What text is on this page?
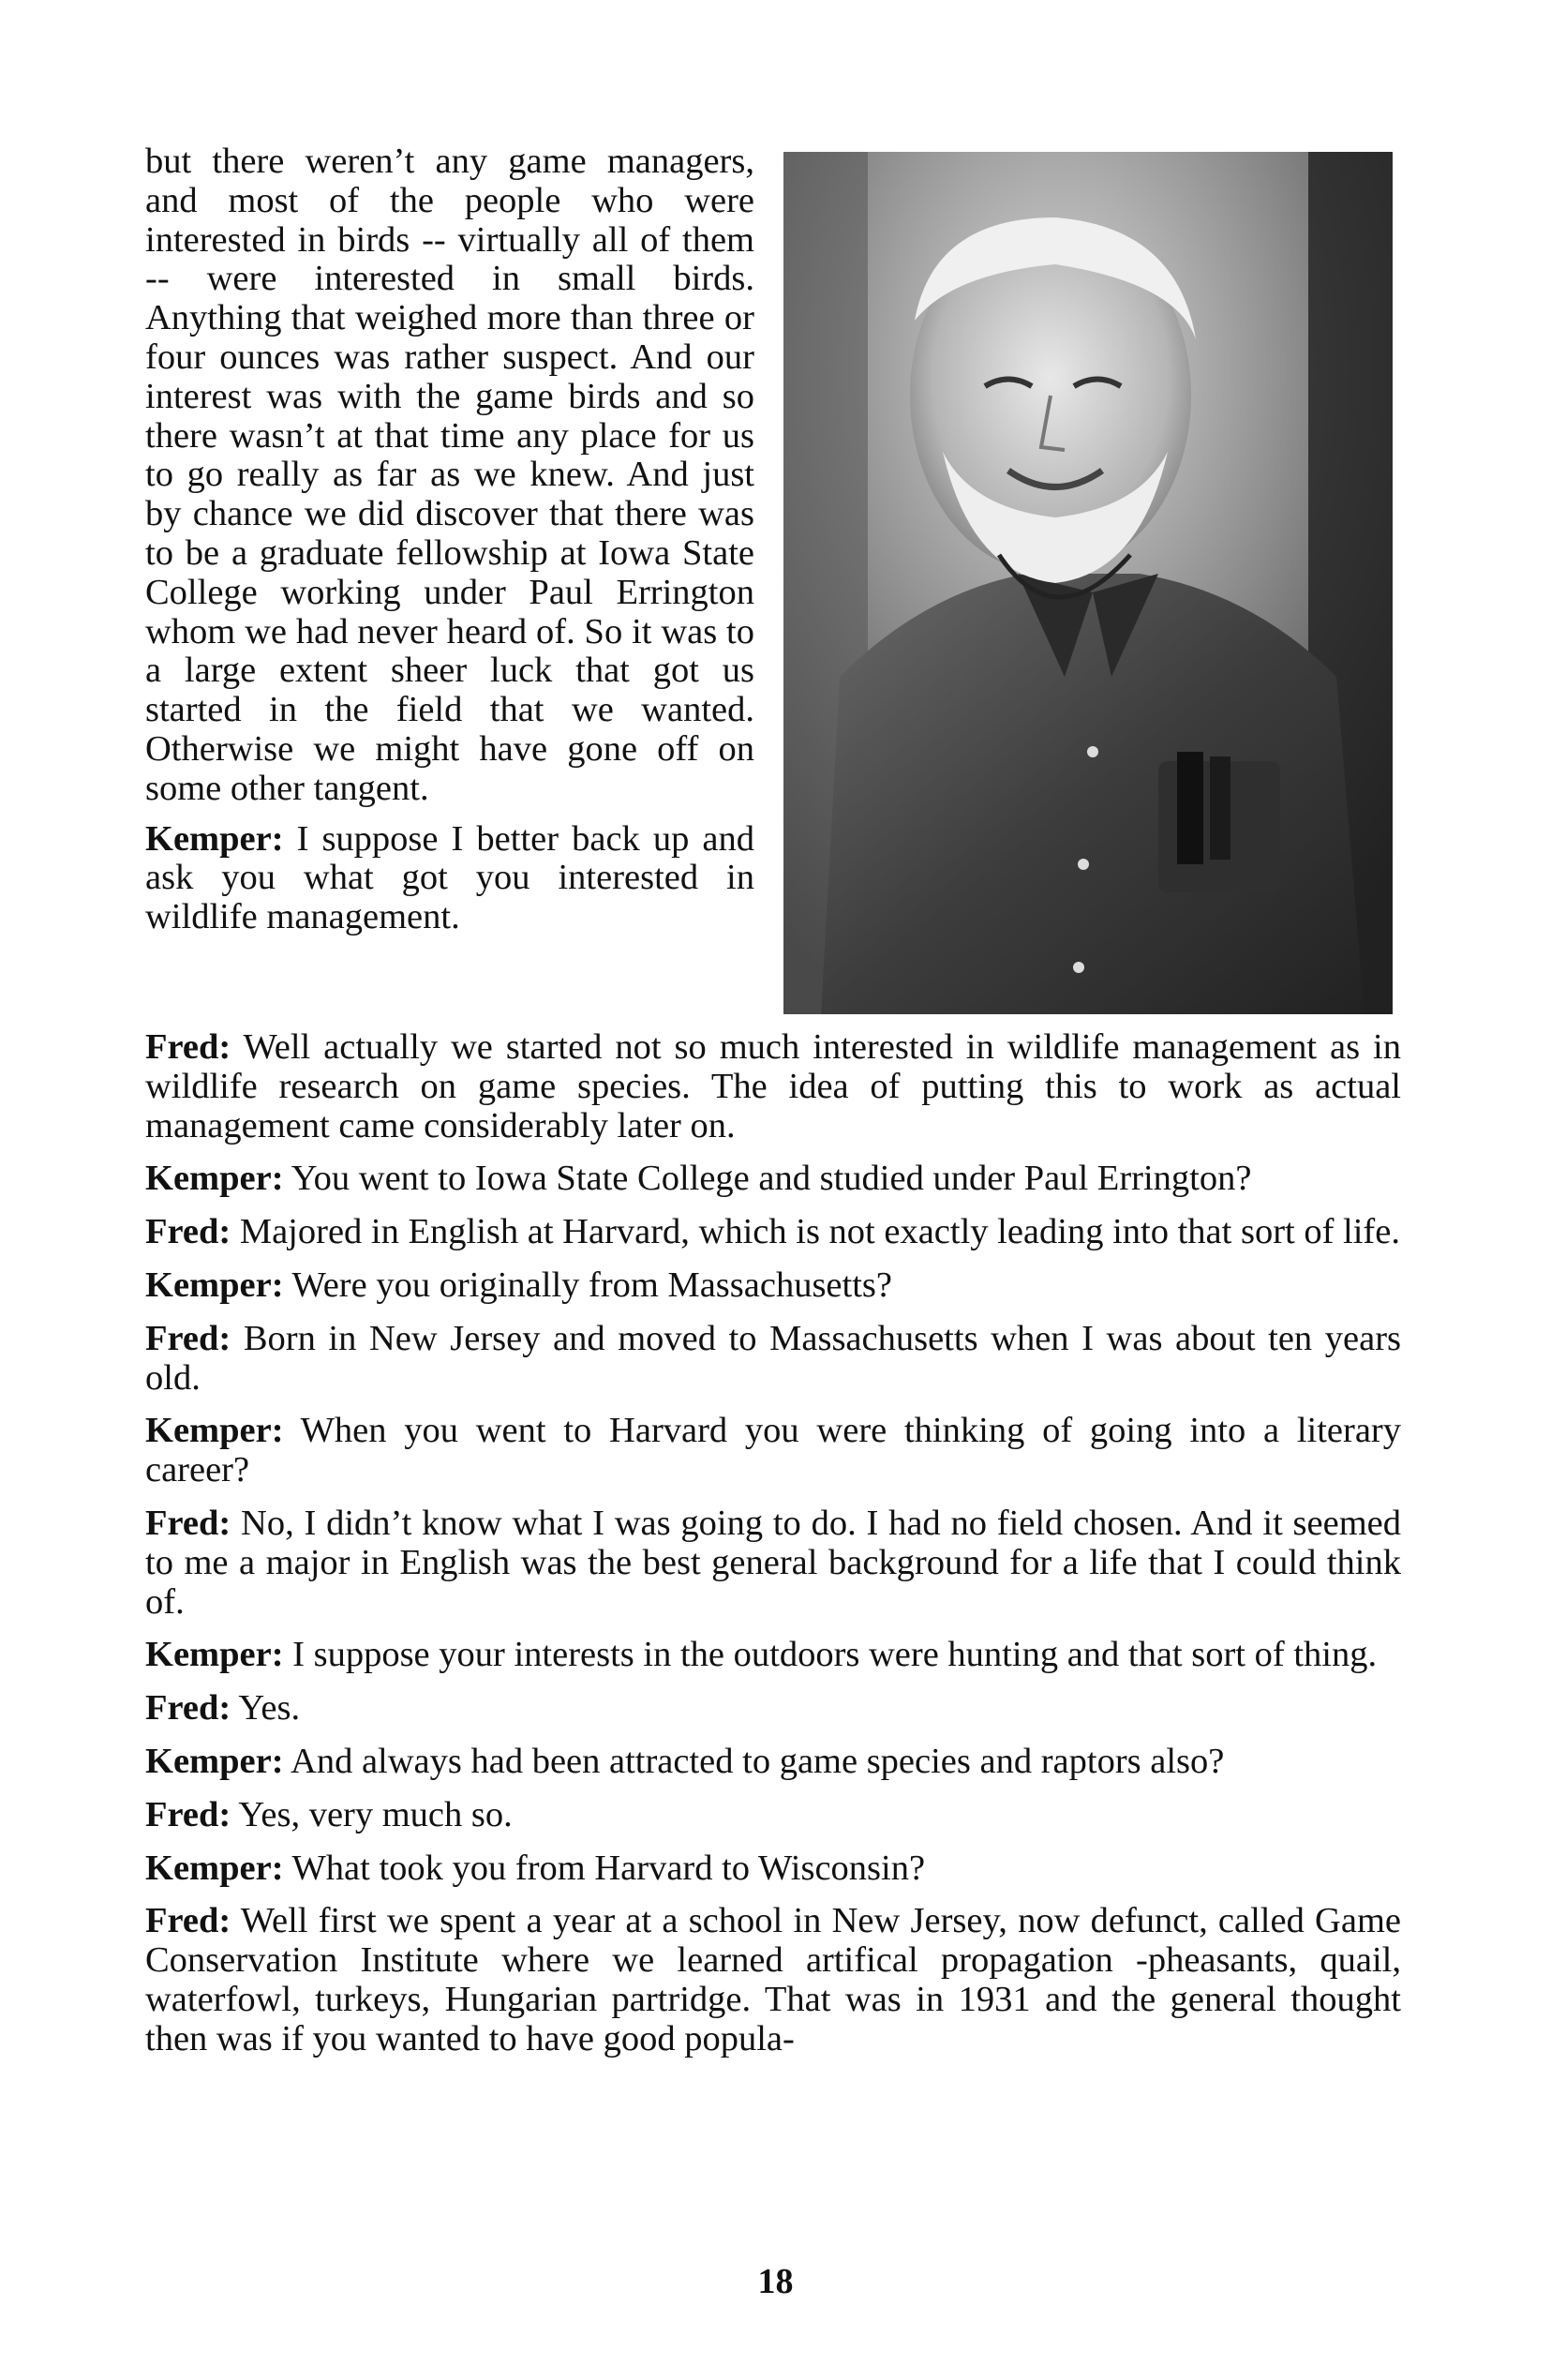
but there weren’t any game managers, and most of the people who were interested in birds -- virtually all of them -- were interested in small birds. Anything that weighed more than three or four ounces was rather suspect. And our interest was with the game birds and so there wasn’t at that time any place for us to go really as far as we knew. And just by chance we did discover that there was to be a graduate fellowship at Iowa State College working under Paul Errington whom we had never heard of. So it was to a large extent sheer luck that got us started in the field that we wanted. Otherwise we might have gone off on some other tangent.

Kemper: I suppose I better back up and ask you what got you interested in wildlife management.

Fred: Well actually we started not so much interested in wildlife management as in wildlife research on game species. The idea of putting this to work as actual management came considerably later on.

Kemper: You went to Iowa State College and studied under Paul Errington?

Fred: Majored in English at Harvard, which is not exactly leading into that sort of life.

Kemper: Were you originally from Massachusetts?

Fred: Born in New Jersey and moved to Massachusetts when I was about ten years old.

Kemper: When you went to Harvard you were thinking of going into a literary career?

Fred: No, I didn’t know what I was going to do. I had no field chosen. And it seemed to me a major in English was the best general background for a life that I could think of.

Kemper: I suppose your interests in the outdoors were hunting and that sort of thing.

Fred: Yes.

Kemper: And always had been attracted to game species and raptors also?

Fred: Yes, very much so.

Kemper: What took you from Harvard to Wisconsin?

Fred: Well first we spent a year at a school in New Jersey, now defunct, called Game Conservation Institute where we learned artifical propagation -pheasants, quail, waterfowl, turkeys, Hungarian partridge. That was in 1931 and the general thought then was if you wanted to have good popula-

18
